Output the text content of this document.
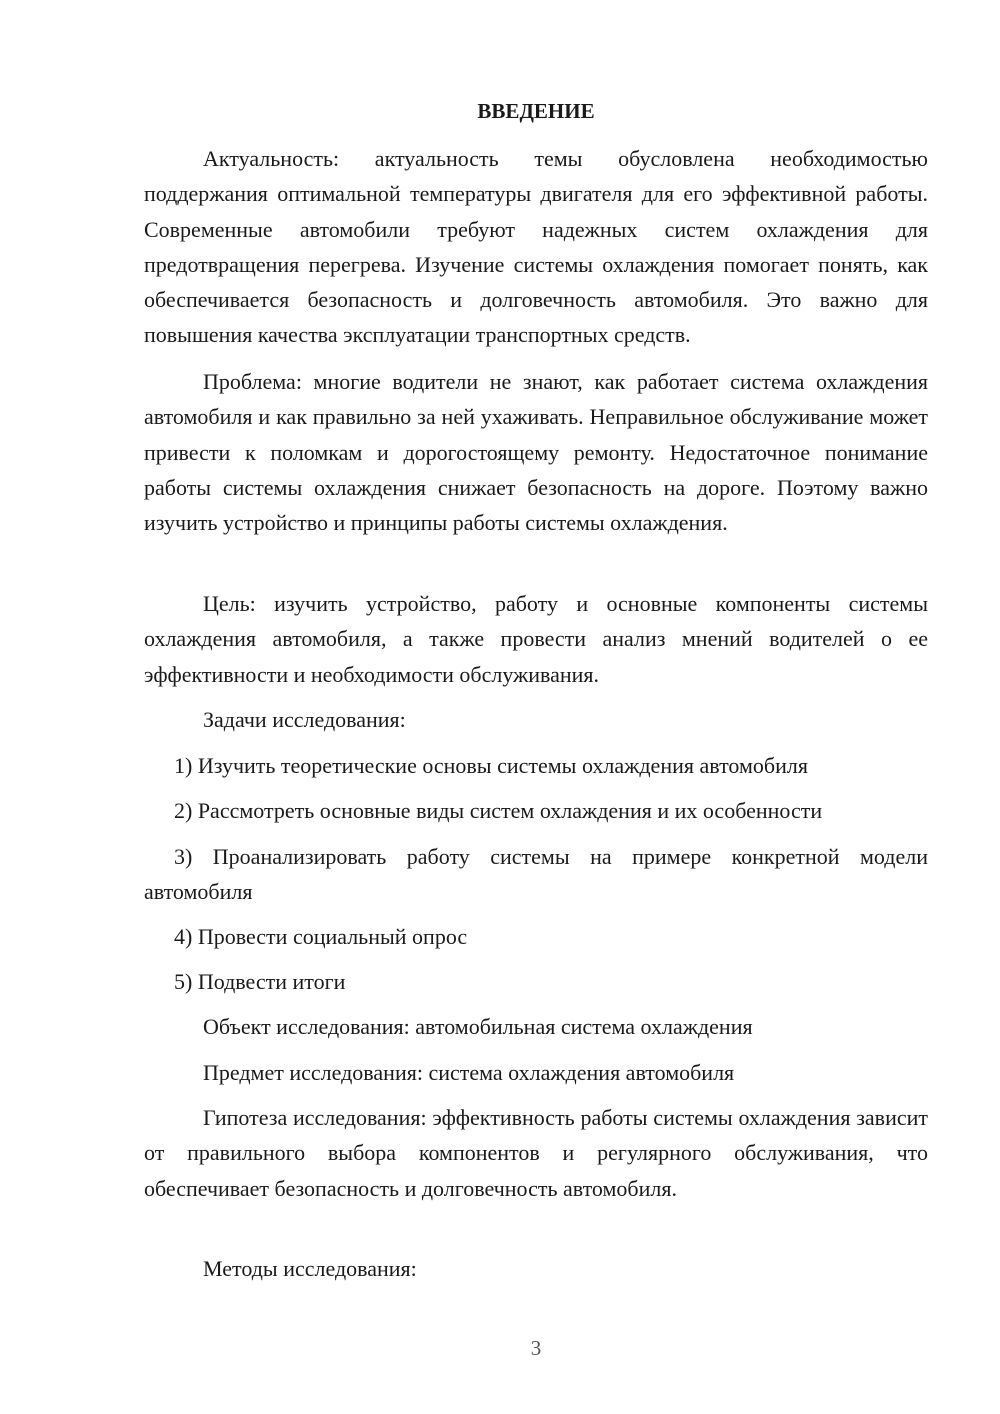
ВВЕДЕНИЕ

Актуальность: актуальность темы обусловлена необходимостью поддержания оптимальной температуры двигателя для его эффективной работы. Современные автомобили требуют надежных систем охлаждения для предотвращения перегрева. Изучение системы охлаждения помогает понять, как обеспечивается безопасность и долговечность автомобиля. Это важно для повышения качества эксплуатации транспортных средств.

Проблема: многие водители не знают, как работает система охлаждения автомобиля и как правильно за ней ухаживать. Неправильное обслуживание может привести к поломкам и дорогостоящему ремонту. Недостаточное понимание работы системы охлаждения снижает безопасность на дороге. Поэтому важно изучить устройство и принципы работы системы охлаждения.

Цель: изучить устройство, работу и основные компоненты системы охлаждения автомобиля, а также провести анализ мнений водителей о ее эффективности и необходимости обслуживания.

Задачи исследования:

1) Изучить теоретические основы системы охлаждения автомобиля

2) Рассмотреть основные виды систем охлаждения и их особенности

3) Проанализировать работу системы на примере конкретной модели автомобиля

4) Провести социальный опрос

5) Подвести итоги

Объект исследования: автомобильная система охлаждения

Предмет исследования: система охлаждения автомобиля

Гипотеза исследования: эффективность работы системы охлаждения зависит от правильного выбора компонентов и регулярного обслуживания, что обеспечивает безопасность и долговечность автомобиля.

Методы исследования:

3
